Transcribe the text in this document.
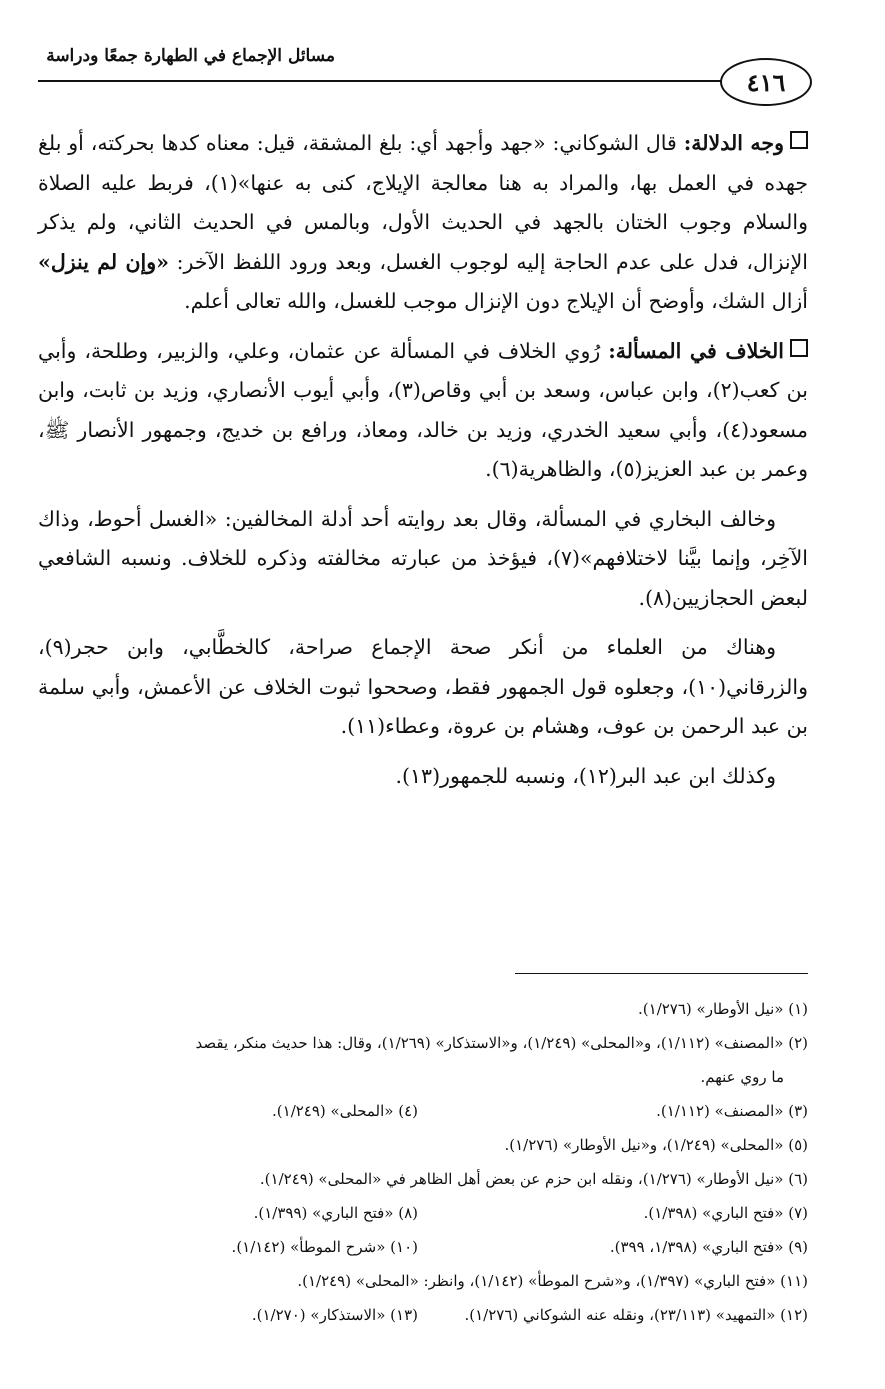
مسائل الإجماع في الطهارة جمعًا ودراسة
٤١٦

وجه الدلالة: قال الشوكاني: «جهد وأجهد أي: بلغ المشقة، قيل: معناه كدها بحركته، أو بلغ جهده في العمل بها، والمراد به هنا معالجة الإيلاج، كنى به عنها»(١)، فربط عليه الصلاة والسلام وجوب الختان بالجهد في الحديث الأول، وبالمس في الحديث الثاني، ولم يذكر الإنزال، فدل على عدم الحاجة إليه لوجوب الغسل، وبعد ورود اللفظ الآخر: «وإن لم ينزل» أزال الشك، وأوضح أن الإيلاج دون الإنزال موجب للغسل، والله تعالى أعلم.

الخلاف في المسألة: رُوي الخلاف في المسألة عن عثمان، وعلي، والزبير، وطلحة، وأبي بن كعب(٢)، وابن عباس، وسعد بن أبي وقاص(٣)، وأبي أيوب الأنصاري، وزيد بن ثابت، وابن مسعود(٤)، وأبي سعيد الخدري، وزيد بن خالد، ومعاذ، ورافع بن خديج، وجمهور الأنصار ﷺ، وعمر بن عبد العزيز(٥)، والظاهرية(٦).

وخالف البخاري في المسألة، وقال بعد روايته أحد أدلة المخالفين: «الغسل أحوط، وذاك الآخِر، وإنما بيَّنا لاختلافهم»(٧)، فيؤخذ من عبارته مخالفته وذكره للخلاف. ونسبه الشافعي لبعض الحجازيين(٨).

وهناك من العلماء من أنكر صحة الإجماع صراحة، كالخطَّابي، وابن حجر(٩)، والزرقاني(١٠)، وجعلوه قول الجمهور فقط، وصححوا ثبوت الخلاف عن الأعمش، وأبي سلمة بن عبد الرحمن بن عوف، وهشام بن عروة، وعطاء(١١).

وكذلك ابن عبد البر(١٢)، ونسبه للجمهور(١٣).

(١) «نيل الأوطار» (١/٢٧٦).
(٢) «المصنف» (١/١١٢)، و«المحلى» (١/٢٤٩)، و«الاستذكار» (١/٢٦٩)، وقال: هذا حديث منكر، يقصد
ما روي عنهم.
(٣) «المصنف» (١/١١٢).
(٤) «المحلى» (١/٢٤٩).
(٥) «المحلى» (١/٢٤٩)، و«نيل الأوطار» (١/٢٧٦).
(٦) «نيل الأوطار» (١/٢٧٦)، ونقله ابن حزم عن بعض أهل الظاهر في «المحلى» (١/٢٤٩).
(٧) «فتح الباري» (١/٣٩٨).
(٨) «فتح الباري» (١/٣٩٩).
(٩) «فتح الباري» (١/٣٩٨، ٣٩٩).
(١٠) «شرح الموطأ» (١/١٤٢).
(١١) «فتح الباري» (١/٣٩٧)، و«شرح الموطأ» (١/١٤٢)، وانظر: «المحلى» (١/٢٤٩).
(١٢) «التمهيد» (٢٣/١١٣)، ونقله عنه الشوكاني (١/٢٧٦).
(١٣) «الاستذكار» (١/٢٧٠).
